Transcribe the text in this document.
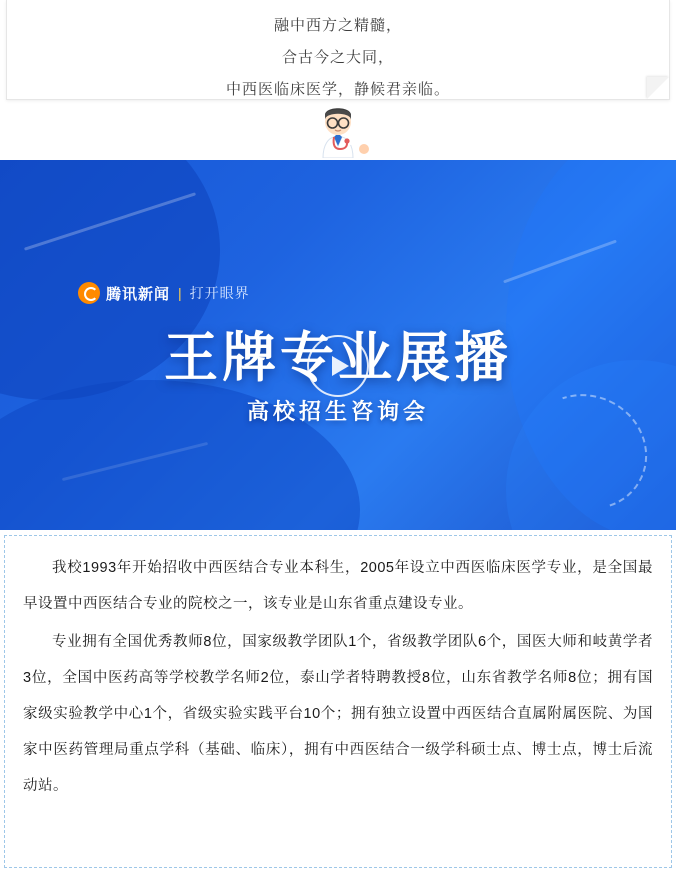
融中西方之精髓，
合古今之大同，
中西医临床医学，静候君亲临。
腾讯新闻 | 打开眼界
王牌专业展播
高校招生咨询会

我校1993年开始招收中西医结合专业本科生，2005年设立中西医临床医学专业，是全国最早设置中西医结合专业的院校之一，该专业是山东省重点建设专业。

专业拥有全国优秀教师8位，国家级教学团队1个，省级教学团队6个，国医大师和岐黄学者3位，全国中医药高等学校教学名师2位，泰山学者特聘教授8位，山东省教学名师8位；拥有国家级实验教学中心1个，省级实验实践平台10个；拥有独立设置中西医结合直属附属医院、为国家中医药管理局重点学科（基础、临床），拥有中西医结合一级学科硕士点、博士点，博士后流动站。
